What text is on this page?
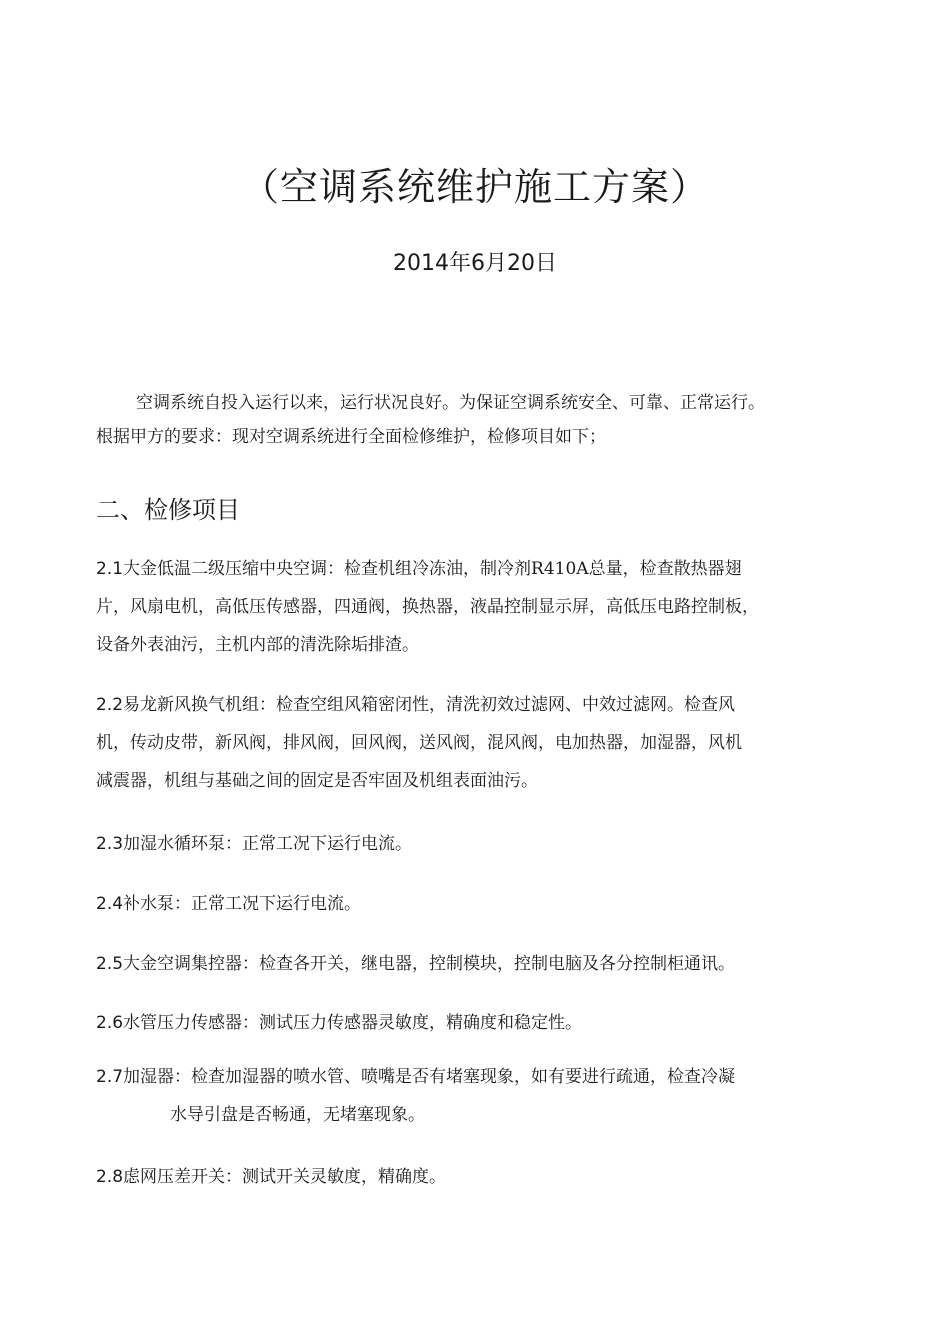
（空调系统维护施工方案）
2014年6月20日
空调系统自投入运行以来，运行状况良好。为保证空调系统安全、可靠、正常运行。
根据甲方的要求：现对空调系统进行全面检修维护，检修项目如下；
二、检修项目
2.1大金低温二级压缩中央空调：检查机组冷冻油，制冷剂R410A总量，检查散热器翅
片，风扇电机，高低压传感器，四通阀，换热器，液晶控制显示屏，高低压电路控制板，
设备外表油污，主机内部的清洗除垢排渣。
2.2易龙新风换气机组：检查空组风箱密闭性，清洗初效过滤网、中效过滤网。检查风
机，传动皮带，新风阀，排风阀，回风阀，送风阀，混风阀，电加热器，加湿器，风机
减震器，机组与基础之间的固定是否牢固及机组表面油污。
2.3加湿水循环泵：正常工况下运行电流。
2.4补水泵：正常工况下运行电流。
2.5大金空调集控器：检查各开关，继电器，控制模块，控制电脑及各分控制柜通讯。
2.6水管压力传感器：测试压力传感器灵敏度，精确度和稳定性。
2.7加湿器：检查加湿器的喷水管、喷嘴是否有堵塞现象，如有要进行疏通，检查冷凝
水导引盘是否畅通，无堵塞现象。
2.8虑网压差开关：测试开关灵敏度，精确度。
